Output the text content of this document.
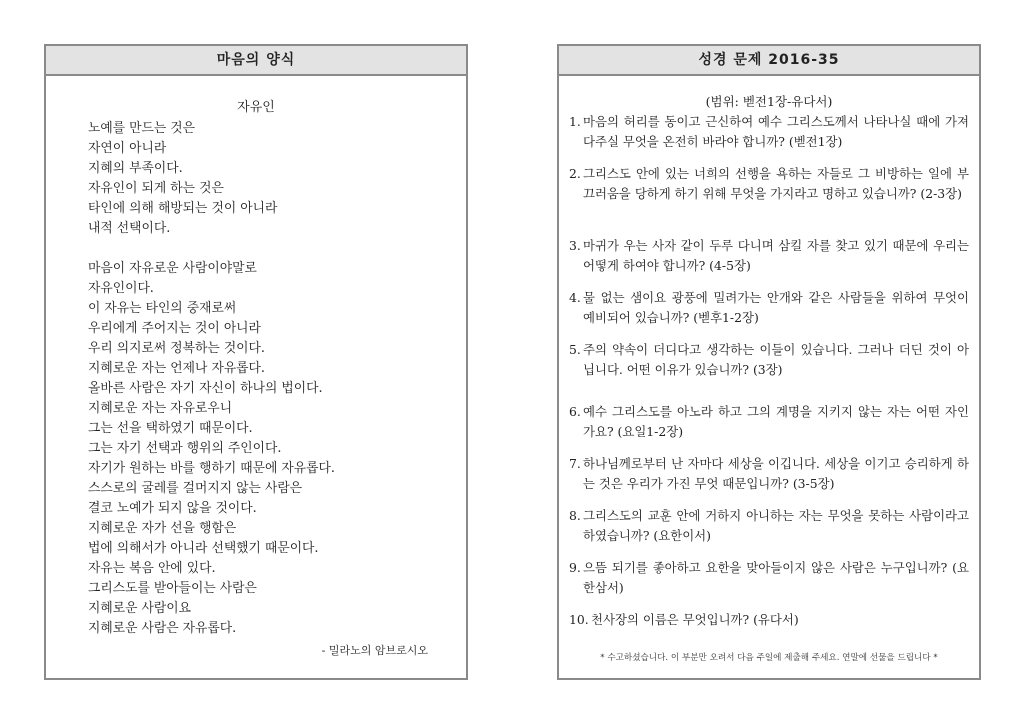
마음의 양식
자유인
노예를 만드는 것은
자연이 아니라
지혜의 부족이다.
자유인이 되게 하는 것은
타인에 의해 해방되는 것이 아니라
내적 선택이다.
마음이 자유로운 사람이야말로
자유인이다.
이 자유는 타인의 중재로써
우리에게 주어지는 것이 아니라
우리 의지로써 정복하는 것이다.
지혜로운 자는 언제나 자유롭다.
올바른 사람은 자기 자신이 하나의 법이다.
지혜로운 자는 자유로우니
그는 선을 택하였기 때문이다.
그는 자기 선택과 행위의 주인이다.
자기가 원하는 바를 행하기 때문에 자유롭다.
스스로의 굴레를 걸머지지 않는 사람은
결코 노예가 되지 않을 것이다.
지혜로운 자가 선을 행함은
법에 의해서가 아니라 선택했기 때문이다.
자유는 복음 안에 있다.
그리스도를 받아들이는 사람은
지혜로운 사람이요
지혜로운 사람은 자유롭다.
- 밀라노의 암브로시오
성경 문제 2016-35
(범위: 벧전1장-유다서)
1. 마음의 허리를 동이고 근신하여 예수 그리스도께서 나타나실 때에 가져다주실 무엇을 온전히 바라야 합니까? (벧전1장)
2. 그리스도 안에 있는 너희의 선행을 욕하는 자들로 그 비방하는 일에 부끄러움을 당하게 하기 위해 무엇을 가지라고 명하고 있습니까? (2-3장)
3. 마귀가 우는 사자 같이 두루 다니며 삼킬 자를 찾고 있기 때문에 우리는 어떻게 하여야 합니까? (4-5장)
4. 물 없는 샘이요 광풍에 밀려가는 안개와 같은 사람들을 위하여 무엇이 예비되어 있습니까? (벧후1-2장)
5. 주의 약속이 더디다고 생각하는 이들이 있습니다. 그러나 더딘 것이 아닙니다. 어떤 이유가 있습니까? (3장)
6. 예수 그리스도를 아노라 하고 그의 계명을 지키지 않는 자는 어떤 자인가요? (요일1-2장)
7. 하나님께로부터 난 자마다 세상을 이깁니다. 세상을 이기고 승리하게 하는 것은 우리가 가진 무엇 때문입니까? (3-5장)
8. 그리스도의 교훈 안에 거하지 아니하는 자는 무엇을 못하는 사람이라고 하였습니까? (요한이서)
9. 으뜸 되기를 좋아하고 요한을 맞아들이지 않은 사람은 누구입니까? (요한삼서)
10. 천사장의 이름은 무엇입니까? (유다서)
* 수고하셨습니다. 이 부분만 오려서 다음 주일에 제출해 주세요. 연말에 선물을 드립니다 *
